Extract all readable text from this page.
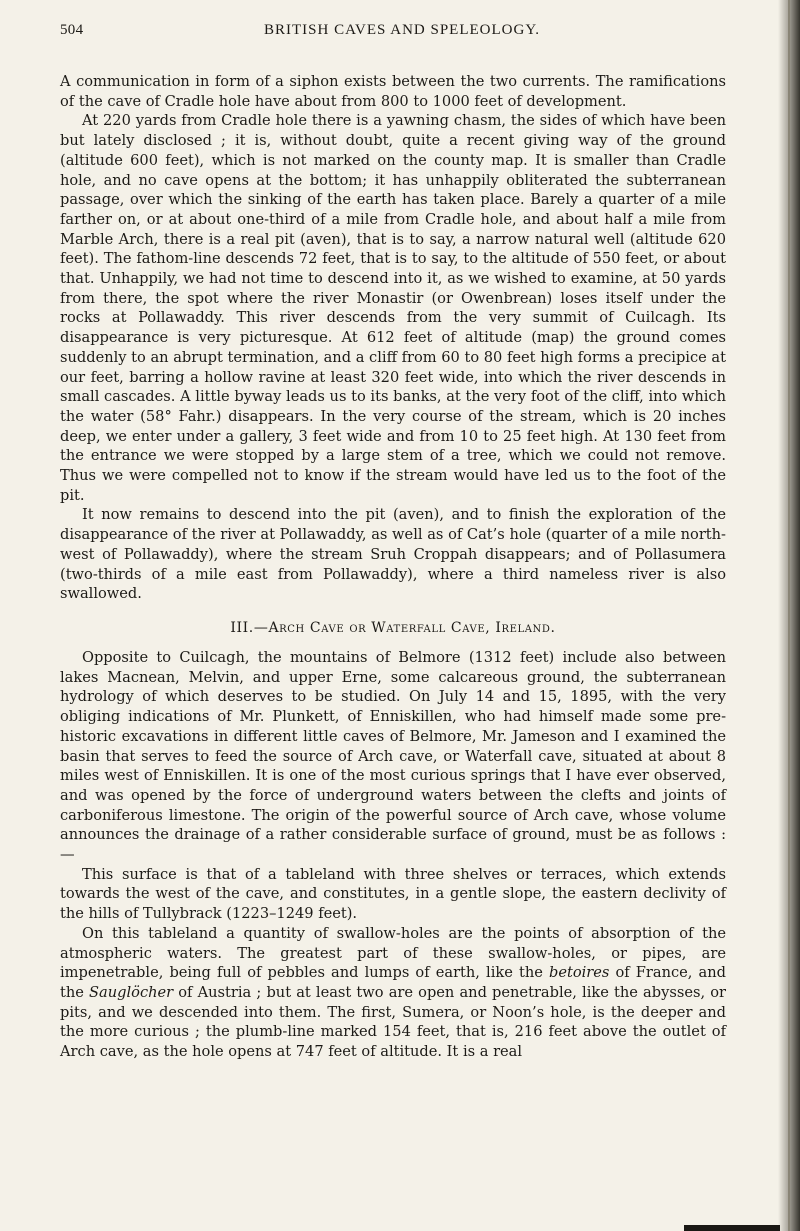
504	BRITISH CAVES AND SPELEOLOGY.

A communication in form of a siphon exists between the two currents. The ramifications of the cave of Cradle hole have about from 800 to 1000 feet of development.

At 220 yards from Cradle hole there is a yawning chasm, the sides of which have been but lately disclosed ; it is, without doubt, quite a recent giving way of the ground (altitude 600 feet), which is not marked on the county map. It is smaller than Cradle hole, and no cave opens at the bottom; it has unhappily obliterated the subterranean passage, over which the sinking of the earth has taken place. Barely a quarter of a mile farther on, or at about one-third of a mile from Cradle hole, and about half a mile from Marble Arch, there is a real pit (aven), that is to say, a narrow natural well (altitude 620 feet). The fathom-line descends 72 feet, that is to say, to the altitude of 550 feet, or about that. Unhappily, we had not time to descend into it, as we wished to examine, at 50 yards from there, the spot where the river Monastir (or Owenbrean) loses itself under the rocks at Pollawaddy. This river descends from the very summit of Cuilcagh. Its disappearance is very picturesque. At 612 feet of altitude (map) the ground comes suddenly to an abrupt termination, and a cliff from 60 to 80 feet high forms a precipice at our feet, barring a hollow ravine at least 320 feet wide, into which the river descends in small cascades. A little byway leads us to its banks, at the very foot of the cliff, into which the water (58° Fahr.) disappears. In the very course of the stream, which is 20 inches deep, we enter under a gallery, 3 feet wide and from 10 to 25 feet high. At 130 feet from the entrance we were stopped by a large stem of a tree, which we could not remove. Thus we were compelled not to know if the stream would have led us to the foot of the pit.

It now remains to descend into the pit (aven), and to finish the exploration of the disappearance of the river at Pollawaddy, as well as of Cat’s hole (quarter of a mile north-west of Pollawaddy), where the stream Sruh Croppah disappears; and of Pollasumera (two-thirds of a mile east from Pollawaddy), where a third nameless river is also swallowed.

III.—Arch Cave or Waterfall Cave, Ireland.

Opposite to Cuilcagh, the mountains of Belmore (1312 feet) include also between lakes Macnean, Melvin, and upper Erne, some calcareous ground, the subterranean hydrology of which deserves to be studied. On July 14 and 15, 1895, with the very obliging indications of Mr. Plunkett, of Enniskillen, who had himself made some pre-historic excavations in different little caves of Belmore, Mr. Jameson and I examined the basin that serves to feed the source of Arch cave, or Waterfall cave, situated at about 8 miles west of Enniskillen. It is one of the most curious springs that I have ever observed, and was opened by the force of underground waters between the clefts and joints of carboniferous limestone. The origin of the powerful source of Arch cave, whose volume announces the drainage of a rather considerable surface of ground, must be as follows :—

This surface is that of a tableland with three shelves or terraces, which extends towards the west of the cave, and constitutes, in a gentle slope, the eastern declivity of the hills of Tullybrack (1223–1249 feet).

On this tableland a quantity of swallow-holes are the points of absorption of the atmospheric waters. The greatest part of these swallow-holes, or pipes, are impenetrable, being full of pebbles and lumps of earth, like the betoires of France, and the Sauglöcher of Austria ; but at least two are open and penetrable, like the abysses, or pits, and we descended into them. The first, Sumera, or Noon’s hole, is the deeper and the more curious ; the plumb-line marked 154 feet, that is, 216 feet above the outlet of Arch cave, as the hole opens at 747 feet of altitude. It is a real
